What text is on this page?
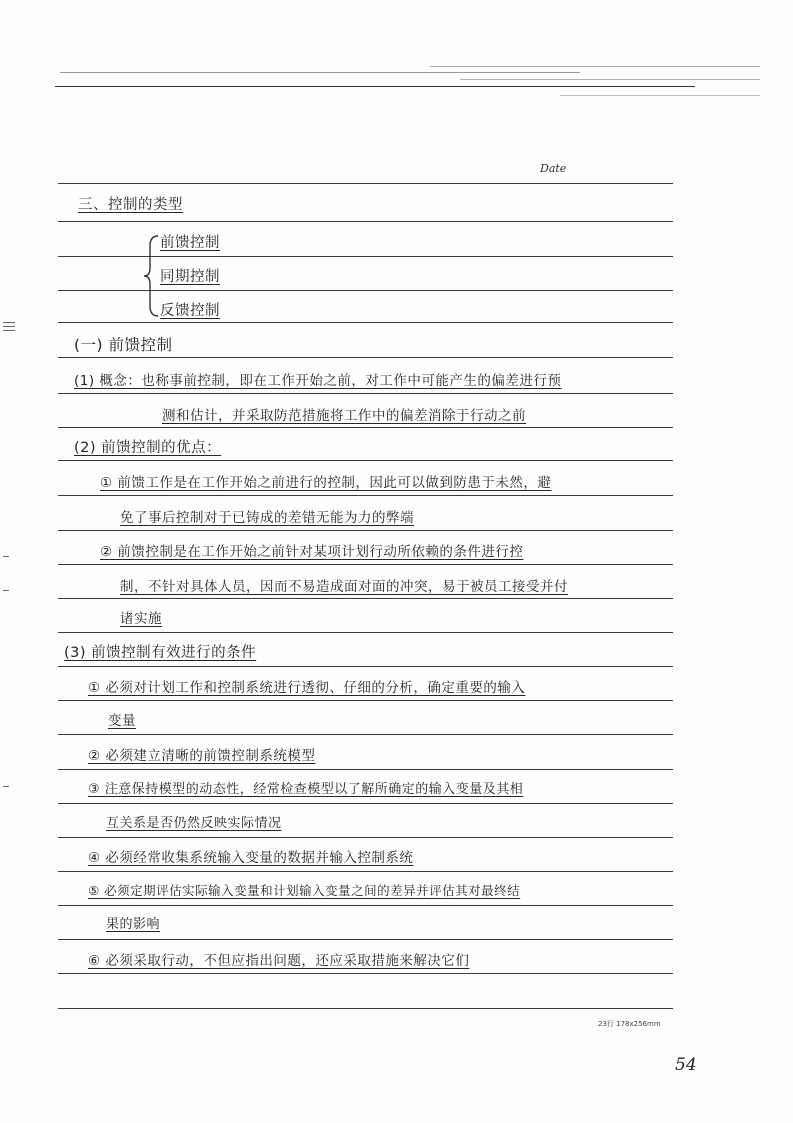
Date

三、控制的类型

前馈控制

同期控制

反馈控制

(一) 前馈控制

(1) 概念：也称事前控制，即在工作开始之前，对工作中可能产生的偏差进行预

测和估计，并采取防范措施将工作中的偏差消除于行动之前

(2) 前馈控制的优点：

① 前馈工作是在工作开始之前进行的控制，因此可以做到防患于未然，避

免了事后控制对于已铸成的差错无能为力的弊端

② 前馈控制是在工作开始之前针对某项计划行动所依赖的条件进行控

制，不针对具体人员，因而不易造成面对面的冲突，易于被员工接受并付

诸实施

(3) 前馈控制有效进行的条件

① 必须对计划工作和控制系统进行透彻、仔细的分析，确定重要的输入

变量

② 必须建立清晰的前馈控制系统模型

③ 注意保持模型的动态性，经常检查模型以了解所确定的输入变量及其相

互关系是否仍然反映实际情况

④ 必须经常收集系统输入变量的数据并输入控制系统

⑤ 必须定期评估实际输入变量和计划输入变量之间的差异并评估其对最终结

果的影响

⑥ 必须采取行动，不但应指出问题，还应采取措施来解决它们

23行 178x256mm
54
